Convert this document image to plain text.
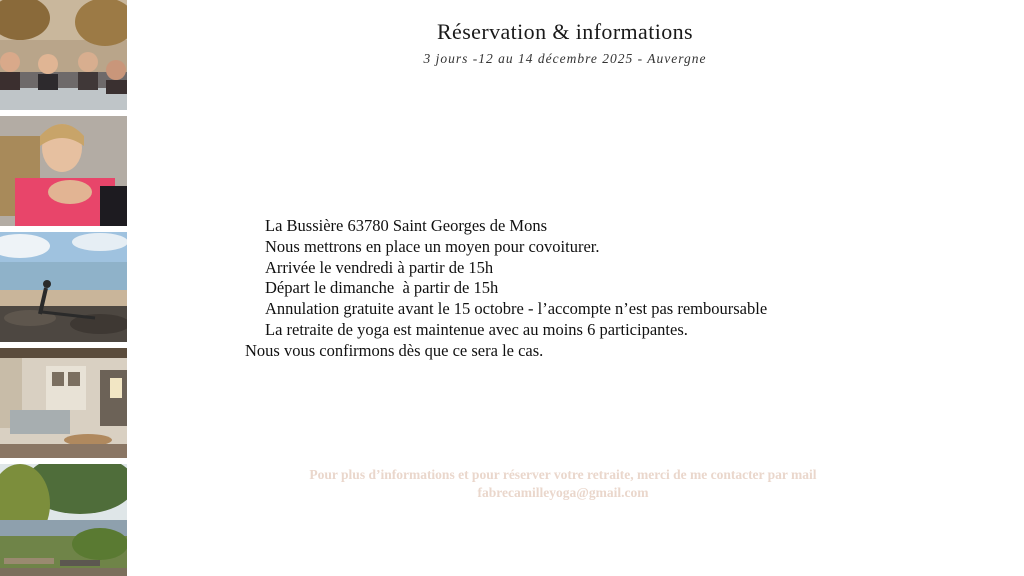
Réservation & informations
3 jours -12 au 14 décembre 2025 - Auvergne
La Bussière 63780 Saint Georges de Mons
Nous mettrons en place un moyen pour covoiturer.
Arrivée le vendredi à partir de 15h
Départ le dimanche  à partir de 15h
Annulation gratuite avant le 15 octobre - l’accompte n’est pas remboursable
La retraite de yoga est maintenue avec au moins 6 participantes.
Nous vous confirmons dès que ce sera le cas.
Pour plus d’informations et pour réserver votre retraite, merci de me contacter par mail
fabrecamilleyoga@gmail.com
